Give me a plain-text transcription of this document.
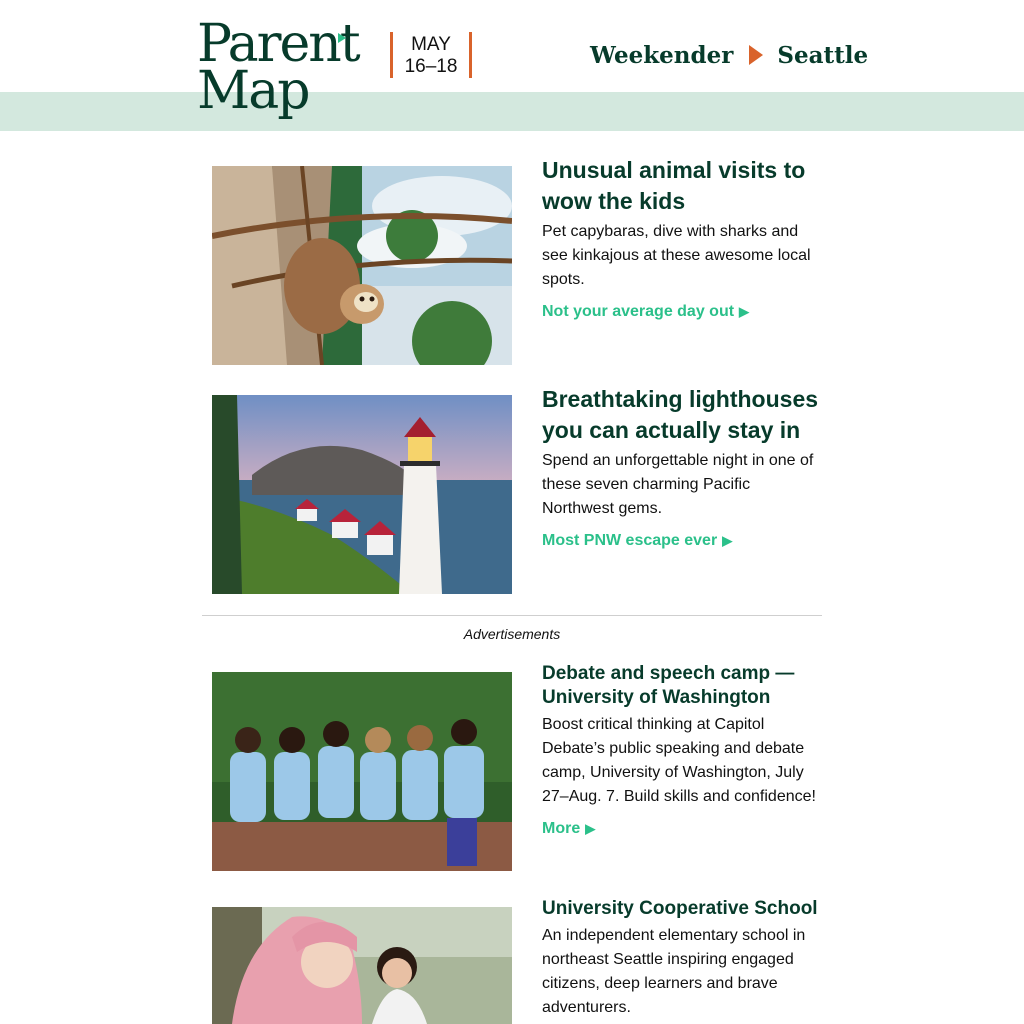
Parent
Map
MAY
16–18	Weekender Seattle
Unusual animal visits to wow the kids

Pet capybaras, dive with sharks and see kinkajous at these awesome local spots.

Not your average day out ▶
Breathtaking lighthouses you can actually stay in

Spend an unforgettable night in one of these seven charming Pacific Northwest gems.

Most PNW escape ever ▶
Advertisements
Debate and speech camp — University of Washington

Boost critical thinking at Capitol Debate’s public speaking and debate camp, University of Washington, July 27–Aug. 7. Build skills and confidence!

More ▶
University Cooperative School

An independent elementary school in northeast Seattle inspiring engaged citizens, deep learners and brave adventurers.
